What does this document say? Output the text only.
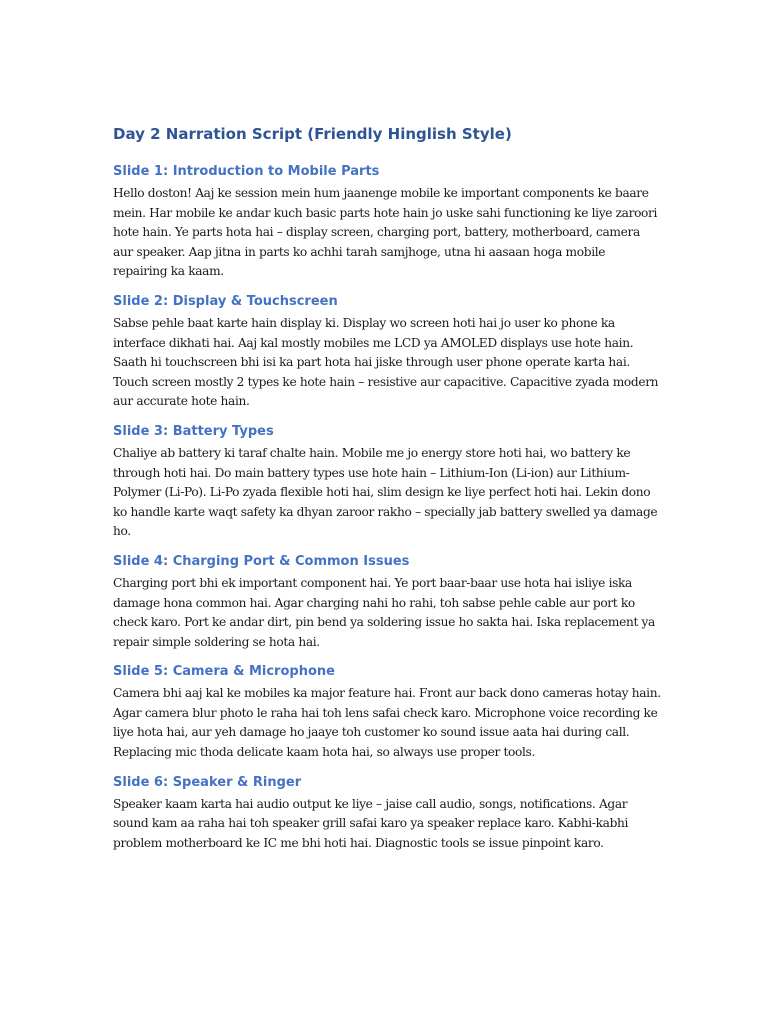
Day 2 Narration Script (Friendly Hinglish Style)
Slide 1: Introduction to Mobile Parts

Hello doston! Aaj ke session mein hum jaanenge mobile ke important components ke baare mein. Har mobile ke andar kuch basic parts hote hain jo uske sahi functioning ke liye zaroori hote hain. Ye parts hota hai – display screen, charging port, battery, motherboard, camera aur speaker. Aap jitna in parts ko achhi tarah samjhoge, utna hi aasaan hoga mobile repairing ka kaam.

Slide 2: Display & Touchscreen

Sabse pehle baat karte hain display ki. Display wo screen hoti hai jo user ko phone ka interface dikhati hai. Aaj kal mostly mobiles me LCD ya AMOLED displays use hote hain. Saath hi touchscreen bhi isi ka part hota hai jiske through user phone operate karta hai. Touch screen mostly 2 types ke hote hain – resistive aur capacitive. Capacitive zyada modern aur accurate hote hain.

Slide 3: Battery Types

Chaliye ab battery ki taraf chalte hain. Mobile me jo energy store hoti hai, wo battery ke through hoti hai. Do main battery types use hote hain – Lithium-Ion (Li-ion) aur Lithium-Polymer (Li-Po). Li-Po zyada flexible hoti hai, slim design ke liye perfect hoti hai. Lekin dono ko handle karte waqt safety ka dhyan zaroor rakho – specially jab battery swelled ya damage ho.

Slide 4: Charging Port & Common Issues

Charging port bhi ek important component hai. Ye port baar-baar use hota hai isliye iska damage hona common hai. Agar charging nahi ho rahi, toh sabse pehle cable aur port ko check karo. Port ke andar dirt, pin bend ya soldering issue ho sakta hai. Iska replacement ya repair simple soldering se hota hai.

Slide 5: Camera & Microphone

Camera bhi aaj kal ke mobiles ka major feature hai. Front aur back dono cameras hotay hain. Agar camera blur photo le raha hai toh lens safai check karo. Microphone voice recording ke liye hota hai, aur yeh damage ho jaaye toh customer ko sound issue aata hai during call. Replacing mic thoda delicate kaam hota hai, so always use proper tools.

Slide 6: Speaker & Ringer

Speaker kaam karta hai audio output ke liye – jaise call audio, songs, notifications. Agar sound kam aa raha hai toh speaker grill safai karo ya speaker replace karo. Kabhi-kabhi problem motherboard ke IC me bhi hoti hai. Diagnostic tools se issue pinpoint karo.
